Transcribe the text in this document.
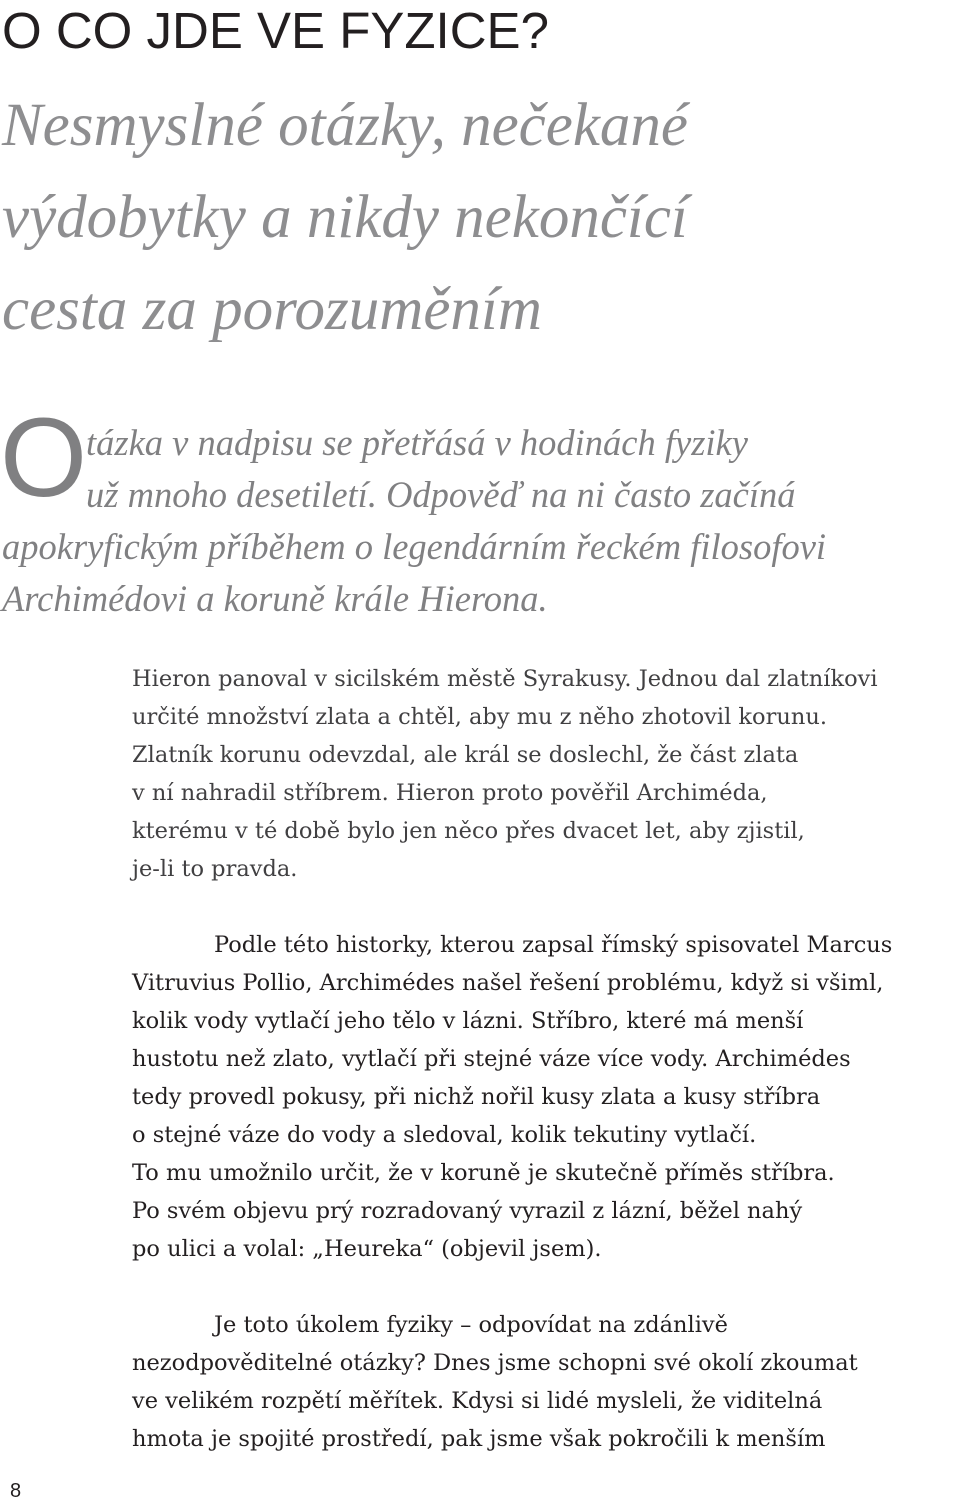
O CO JDE VE FYZICE?
Nesmyslné otázky, nečekané
výdobytky a nikdy nekončící
cesta za porozuměním
O
tázka v nadpisu se přetřásá v hodinách fyziky
už mnoho desetiletí. Odpověď na ni často začíná
apokryfickým příběhem o legendárním řeckém filosofovi
Archimédovi a koruně krále Hierona.
Hieron panoval v sicilském městě Syrakusy. Jednou dal zlatníkovi
určité množství zlata a chtěl, aby mu z něho zhotovil korunu.
Zlatník korunu odevzdal, ale král se doslechl, že část zlata
v ní nahradil stříbrem. Hieron proto pověřil Archiméda,
kterému v té době bylo jen něco přes dvacet let, aby zjistil,
je-li to pravda.
Podle této historky, kterou zapsal římský spisovatel Marcus
Vitruvius Pollio, Archimédes našel řešení problému, když si všiml,
kolik vody vytlačí jeho tělo v lázni. Stříbro, které má menší
hustotu než zlato, vytlačí při stejné váze více vody. Archimédes
tedy provedl pokusy, při nichž nořil kusy zlata a kusy stříbra
o stejné váze do vody a sledoval, kolik tekutiny vytlačí.
To mu umožnilo určit, že v koruně je skutečně příměs stříbra.
Po svém objevu prý rozradovaný vyrazil z lázní, běžel nahý
po ulici a volal: „Heureka“ (objevil jsem).
Je toto úkolem fyziky – odpovídat na zdánlivě
nezodpověditelné otázky? Dnes jsme schopni své okolí zkoumat
ve velikém rozpětí měřítek. Kdysi si lidé mysleli, že viditelná
hmota je spojité prostředí, pak jsme však pokročili k menším
8
